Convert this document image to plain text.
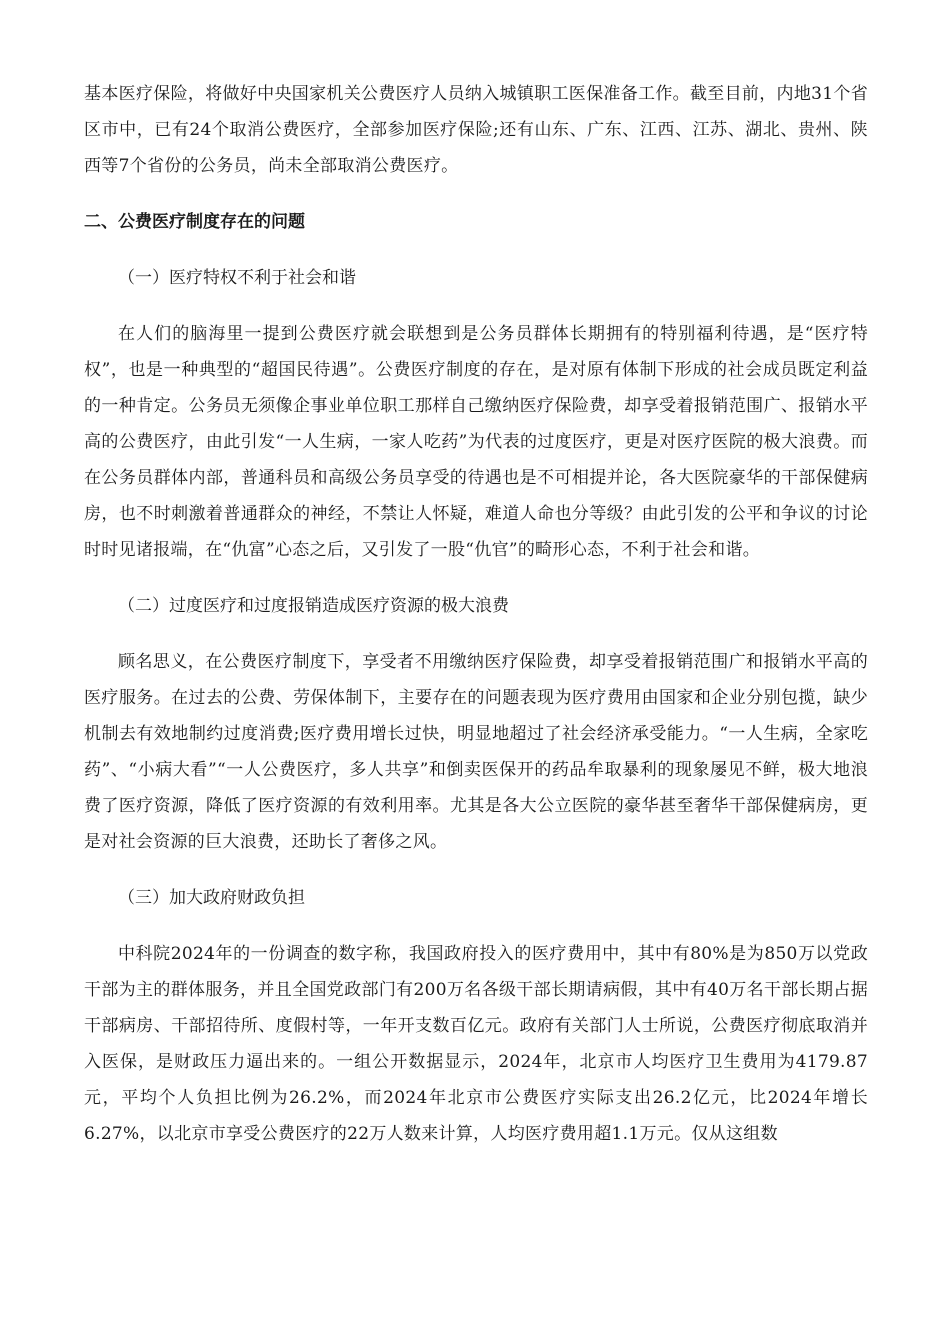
基本医疗保险，将做好中央国家机关公费医疗人员纳入城镇职工医保准备工作。截至目前，内地31个省区市中，已有24个取消公费医疗，全部参加医疗保险;还有山东、广东、江西、江苏、湖北、贵州、陕西等7个省份的公务员，尚未全部取消公费医疗。

二、公费医疗制度存在的问题
（一）医疗特权不利于社会和谐

在人们的脑海里一提到公费医疗就会联想到是公务员群体长期拥有的特别福利待遇，是“医疗特权”，也是一种典型的“超国民待遇”。公费医疗制度的存在，是对原有体制下形成的社会成员既定利益的一种肯定。公务员无须像企事业单位职工那样自己缴纳医疗保险费，却享受着报销范围广、报销水平高的公费医疗，由此引发“一人生病，一家人吃药”为代表的过度医疗，更是对医疗医院的极大浪费。而在公务员群体内部，普通科员和高级公务员享受的待遇也是不可相提并论，各大医院豪华的干部保健病房，也不时刺激着普通群众的神经，不禁让人怀疑，难道人命也分等级？由此引发的公平和争议的讨论时时见诸报端，在“仇富”心态之后，又引发了一股“仇官”的畸形心态，不利于社会和谐。

（二）过度医疗和过度报销造成医疗资源的极大浪费

顾名思义，在公费医疗制度下，享受者不用缴纳医疗保险费，却享受着报销范围广和报销水平高的医疗服务。在过去的公费、劳保体制下，主要存在的问题表现为医疗费用由国家和企业分别包揽，缺少机制去有效地制约过度消费;医疗费用增长过快，明显地超过了社会经济承受能力。“一人生病，全家吃药”、“小病大看”“一人公费医疗，多人共享”和倒卖医保开的药品牟取暴利的现象屡见不鲜，极大地浪费了医疗资源，降低了医疗资源的有效利用率。尤其是各大公立医院的豪华甚至奢华干部保健病房，更是对社会资源的巨大浪费，还助长了奢侈之风。

（三）加大政府财政负担

中科院2024年的一份调查的数字称，我国政府投入的医疗费用中，其中有80%是为850万以党政干部为主的群体服务，并且全国党政部门有200万名各级干部长期请病假，其中有40万名干部长期占据干部病房、干部招待所、度假村等，一年开支数百亿元。政府有关部门人士所说，公费医疗彻底取消并入医保，是财政压力逼出来的。一组公开数据显示，2024年，北京市人均医疗卫生费用为4179.87元，平均个人负担比例为26.2%，而2024年北京市公费医疗实际支出26.2亿元，比2024年增长6.27%，以北京市享受公费医疗的22万人数来计算，人均医疗费用超1.1万元。仅从这组数
